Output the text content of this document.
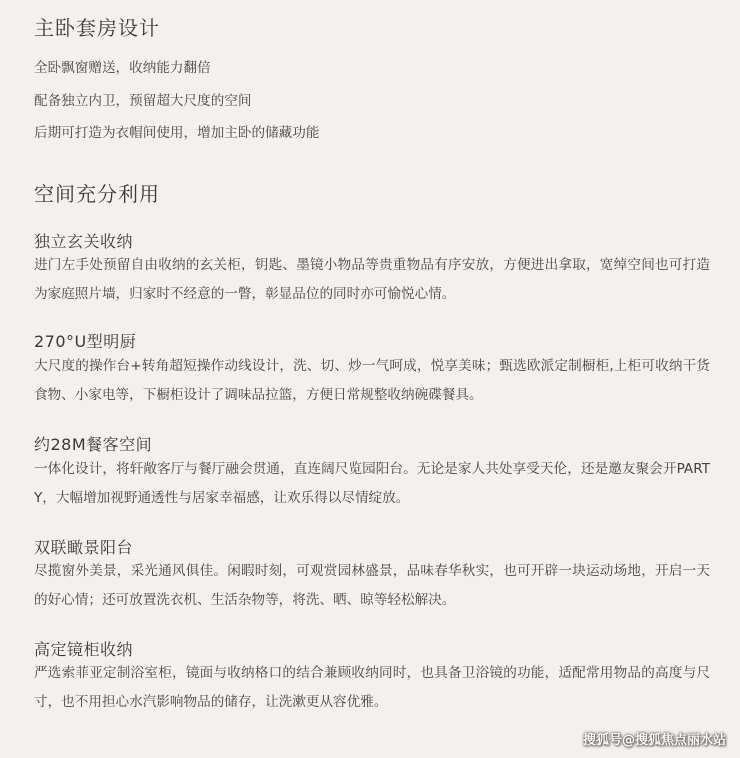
主卧套房设计
全卧飘窗赠送，收纳能力翻倍
配备独立内卫，预留超大尺度的空间
后期可打造为衣帽间使用，增加主卧的储藏功能
空间充分利用
独立玄关收纳
进门左手处预留自由收纳的玄关柜，钥匙、墨镜小物品等贵重物品有序安放，方便进出拿取，宽绰空间也可打造为家庭照片墙，归家时不经意的一瞥，彰显品位的同时亦可愉悦心情。
270°U型明厨
大尺度的操作台+转角超短操作动线设计，洗、切、炒一气呵成，悦享美味；甄选欧派定制橱柜,上柜可收纳干货食物、小家电等，下橱柜设计了调味品拉篮，方便日常规整收纳碗碟餐具。
约28M餐客空间
一体化设计，将轩敞客厅与餐厅融会贯通，直连阔尺览园阳台。无论是家人共处享受天伦，还是邀友聚会开PARTY，大幅增加视野通透性与居家幸福感，让欢乐得以尽情绽放。
双联瞰景阳台
尽揽窗外美景，采光通风俱佳。闲暇时刻，可观赏园林盛景，品味春华秋实，也可开辟一块运动场地，开启一天的好心情；还可放置洗衣机、生活杂物等，将洗、晒、晾等轻松解决。
高定镜柜收纳
严选索菲亚定制浴室柜，镜面与收纳格口的结合兼顾收纳同时，也具备卫浴镜的功能，适配常用物品的高度与尺寸，也不用担心水汽影响物品的储存，让洗漱更从容优雅。
搜狐号@搜狐焦点丽水站
